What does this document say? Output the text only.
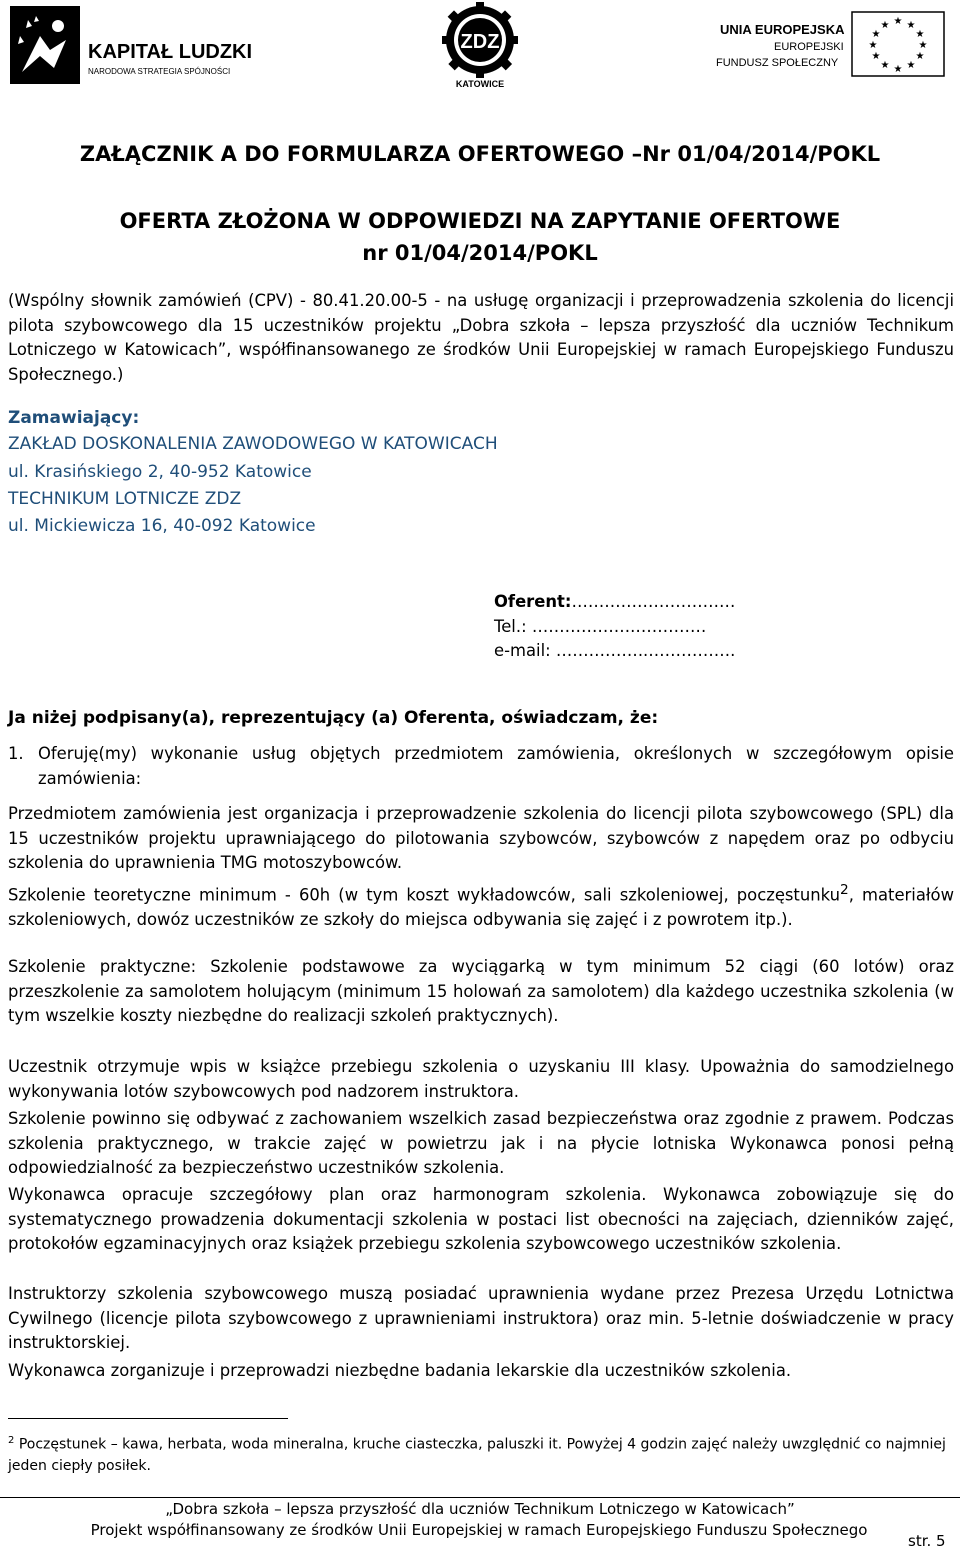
KAPITAŁ LUDZKI
NARODOWA STRATEGIA SPÓJNOŚCI
ZDZ
KATOWICE
UNIA EUROPEJSKA
EUROPEJSKI
FUNDUSZ SPOŁECZNY
★ ★
★
★
★
★
★
★
★
★
★
★
ZAŁĄCZNIK A DO FORMULARZA OFERTOWEGO –Nr 01/04/2014/POKL
OFERTA ZŁOŻONA W ODPOWIEDZI NA ZAPYTANIE OFERTOWE
nr 01/04/2014/POKL
(Wspólny słownik zamówień (CPV) - 80.41.20.00-5 - na usługę organizacji i przeprowadzenia szkolenia do licencji pilota szybowcowego dla 15 uczestników projektu „Dobra szkoła – lepsza przyszłość dla uczniów Technikum Lotniczego w Katowicach”, współfinansowanego ze środków Unii Europejskiej w ramach Europejskiego Funduszu Społecznego.)
Zamawiający:
ZAKŁAD DOSKONALENIA ZAWODOWEGO W KATOWICACH
ul. Krasińskiego 2, 40-952 Katowice
TECHNIKUM LOTNICZE ZDZ
ul. Mickiewicza 16, 40-092 Katowice
Oferent:…………………………
Tel.: ……………….………….
e-mail: ……………..…………….
Ja niżej podpisany(a), reprezentujący (a) Oferenta, oświadczam, że:
1. Oferuję(my) wykonanie usług objętych przedmiotem zamówienia, określonych w szczegółowym opisie zamówienia:
Przedmiotem zamówienia jest organizacja i przeprowadzenie szkolenia do licencji pilota szybowcowego (SPL) dla 15 uczestników projektu uprawniającego do pilotowania szybowców, szybowców z napędem oraz po odbyciu szkolenia do uprawnienia TMG motoszybowców.
Szkolenie teoretyczne minimum - 60h (w tym koszt wykładowców, sali szkoleniowej, poczęstunku$^2$, materiałów szkoleniowych, dowóz uczestników ze szkoły do miejsca odbywania się zajęć i z powrotem itp.).
Szkolenie praktyczne: Szkolenie podstawowe za wyciągarką w tym minimum 52 ciągi (60 lotów) oraz przeszkolenie za samolotem holującym (minimum 15 holowań za samolotem) dla każdego uczestnika szkolenia (w tym wszelkie koszty niezbędne do realizacji szkoleń praktycznych).
Uczestnik otrzymuje wpis w książce przebiegu szkolenia o uzyskaniu III klasy. Upoważnia do samodzielnego wykonywania lotów szybowcowych pod nadzorem instruktora.
Szkolenie powinno się odbywać z zachowaniem wszelkich zasad bezpieczeństwa oraz zgodnie z prawem. Podczas szkolenia praktycznego, w trakcie zajęć w powietrzu jak i na płycie lotniska Wykonawca ponosi pełną odpowiedzialność za bezpieczeństwo uczestników szkolenia.
Wykonawca opracuje szczegółowy plan oraz harmonogram szkolenia. Wykonawca zobowiązuje się do systematycznego prowadzenia dokumentacji szkolenia w postaci list obecności na zajęciach, dzienników zajęć, protokołów egzaminacyjnych oraz książek przebiegu szkolenia szybowcowego uczestników szkolenia.
Instruktorzy szkolenia szybowcowego muszą posiadać uprawnienia wydane przez Prezesa Urzędu Lotnictwa Cywilnego (licencje pilota szybowcowego z uprawnieniami instruktora) oraz min. 5-letnie doświadczenie w pracy instruktorskiej.
Wykonawca zorganizuje i przeprowadzi niezbędne badania lekarskie dla uczestników szkolenia.
$^2$ Poczęstunek – kawa, herbata, woda mineralna, kruche ciasteczka, paluszki it. Powyżej 4 godzin zajęć należy uwzględnić co najmniej jeden ciepły posiłek.
„Dobra szkoła – lepsza przyszłość dla uczniów Technikum Lotniczego w Katowicach”
Projekt współfinansowany ze środków Unii Europejskiej w ramach Europejskiego Funduszu Społecznego
str. 5
